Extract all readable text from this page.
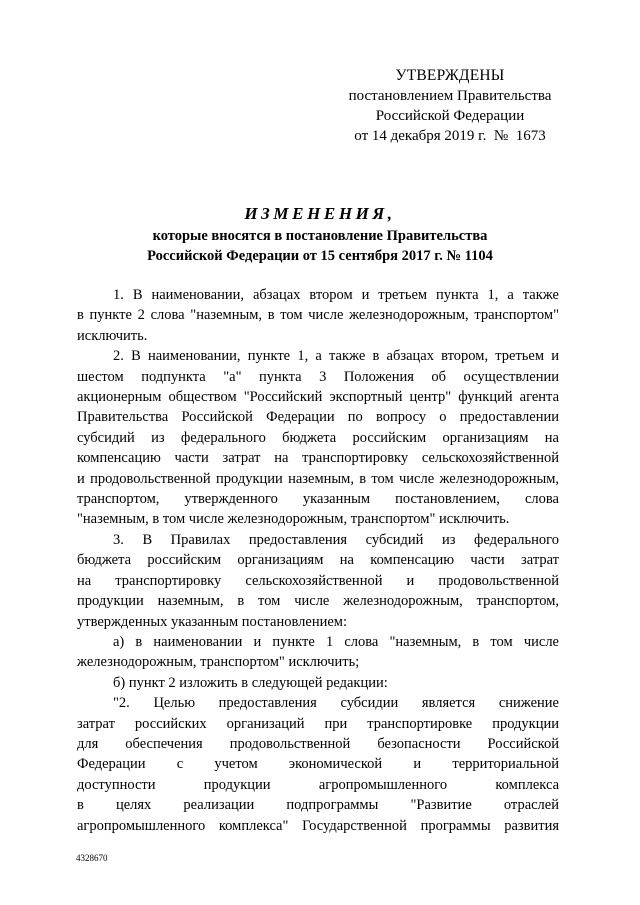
УТВЕРЖДЕНЫ
постановлением Правительства
Российской Федерации
от 14 декабря 2019 г.  №  1673
ИЗМЕНЕНИЯ,
которые вносятся в постановление Правительства
Российской Федерации от 15 сентября 2017 г. № 1104
1. В наименовании, абзацах втором и третьем пункта 1, а также
в пункте 2 слова "наземным, в том числе железнодорожным, транспортом"
исключить.
2. В наименовании, пункте 1, а также в абзацах втором, третьем и
шестом подпункта "а" пункта 3 Положения об осуществлении
акционерным обществом "Российский экспортный центр" функций агента
Правительства Российской Федерации по вопросу о предоставлении
субсидий из федерального бюджета российским организациям на
компенсацию части затрат на транспортировку сельскохозяйственной
и продовольственной продукции наземным, в том числе железнодорожным,
транспортом, утвержденного указанным постановлением, слова
"наземным, в том числе железнодорожным, транспортом" исключить.
3. В Правилах предоставления субсидий из федерального
бюджета российским организациям на компенсацию части затрат
на транспортировку сельскохозяйственной и продовольственной
продукции наземным, в том числе железнодорожным, транспортом,
утвержденных указанным постановлением:
а) в наименовании и пункте 1 слова "наземным, в том числе
железнодорожным, транспортом" исключить;
б) пункт 2 изложить в следующей редакции:
"2. Целью предоставления субсидии является снижение
затрат российских организаций при транспортировке продукции
для обеспечения продовольственной безопасности Российской
Федерации с учетом экономической и территориальной
доступности продукции агропромышленного комплекса
в целях реализации подпрограммы "Развитие отраслей
агропромышленного комплекса" Государственной программы развития
4328670
